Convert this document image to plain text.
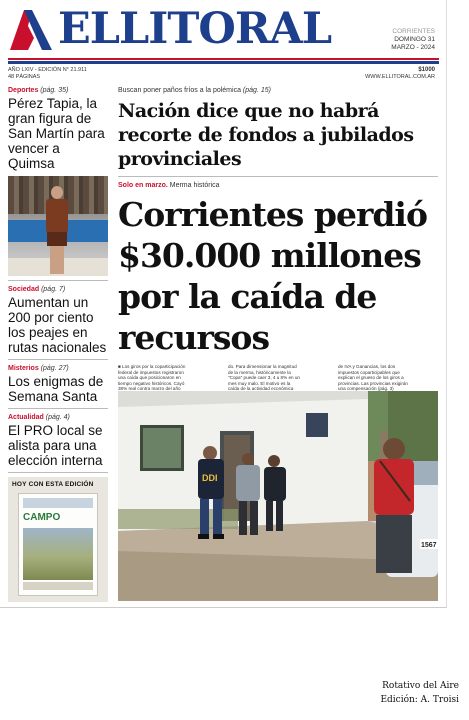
ELLITORAL	CORRIENTES
DOMINGO 31
MARZO - 2024
AÑO LXIV - EDICIÓN N° 21.911
48 PÁGINAS
$1000
WWW.ELLITORAL.COM.AR
Deportes (pág. 35)
Pérez Tapia, la gran figura de San Martín para vencer a Quimsa
Sociedad (pág. 7)
Aumentan un 200 por ciento los peajes en rutas nacionales
Misterios (pág. 27)
Los enigmas de Semana Santa
Actualidad (pág. 4)
El PRO local se alista para una elección interna
HOY CON ESTA EDICIÓN
CAMPO
Buscan poner paños fríos a la polémica (pág. 15)
Nación dice que no habrá recorte de fondos a jubilados provinciales
Solo en marzo. Merma histórica
Corrientes perdió $30.000 millones por la caída de recursos
■ Los giros por la coparticipación federal de impuestos registraron una caída que posicionaron en tiempo negativo históricos. Cayó 38% real contra marzo del año
do. Para dimensionar la magnitud de la merma, históricamente la "Copa" puede caer 3, 4 u 8% en un mes muy malo. El motivo es la caída de la actividad económica
de IVA y Ganancias, los dos impuestos coparticipables que explican el grueso de los giros a provincias. Las provincias exigirán una compensación (pág. 3)
1567
DDI
Rotativo del Aire
Edición: A. Troisi
